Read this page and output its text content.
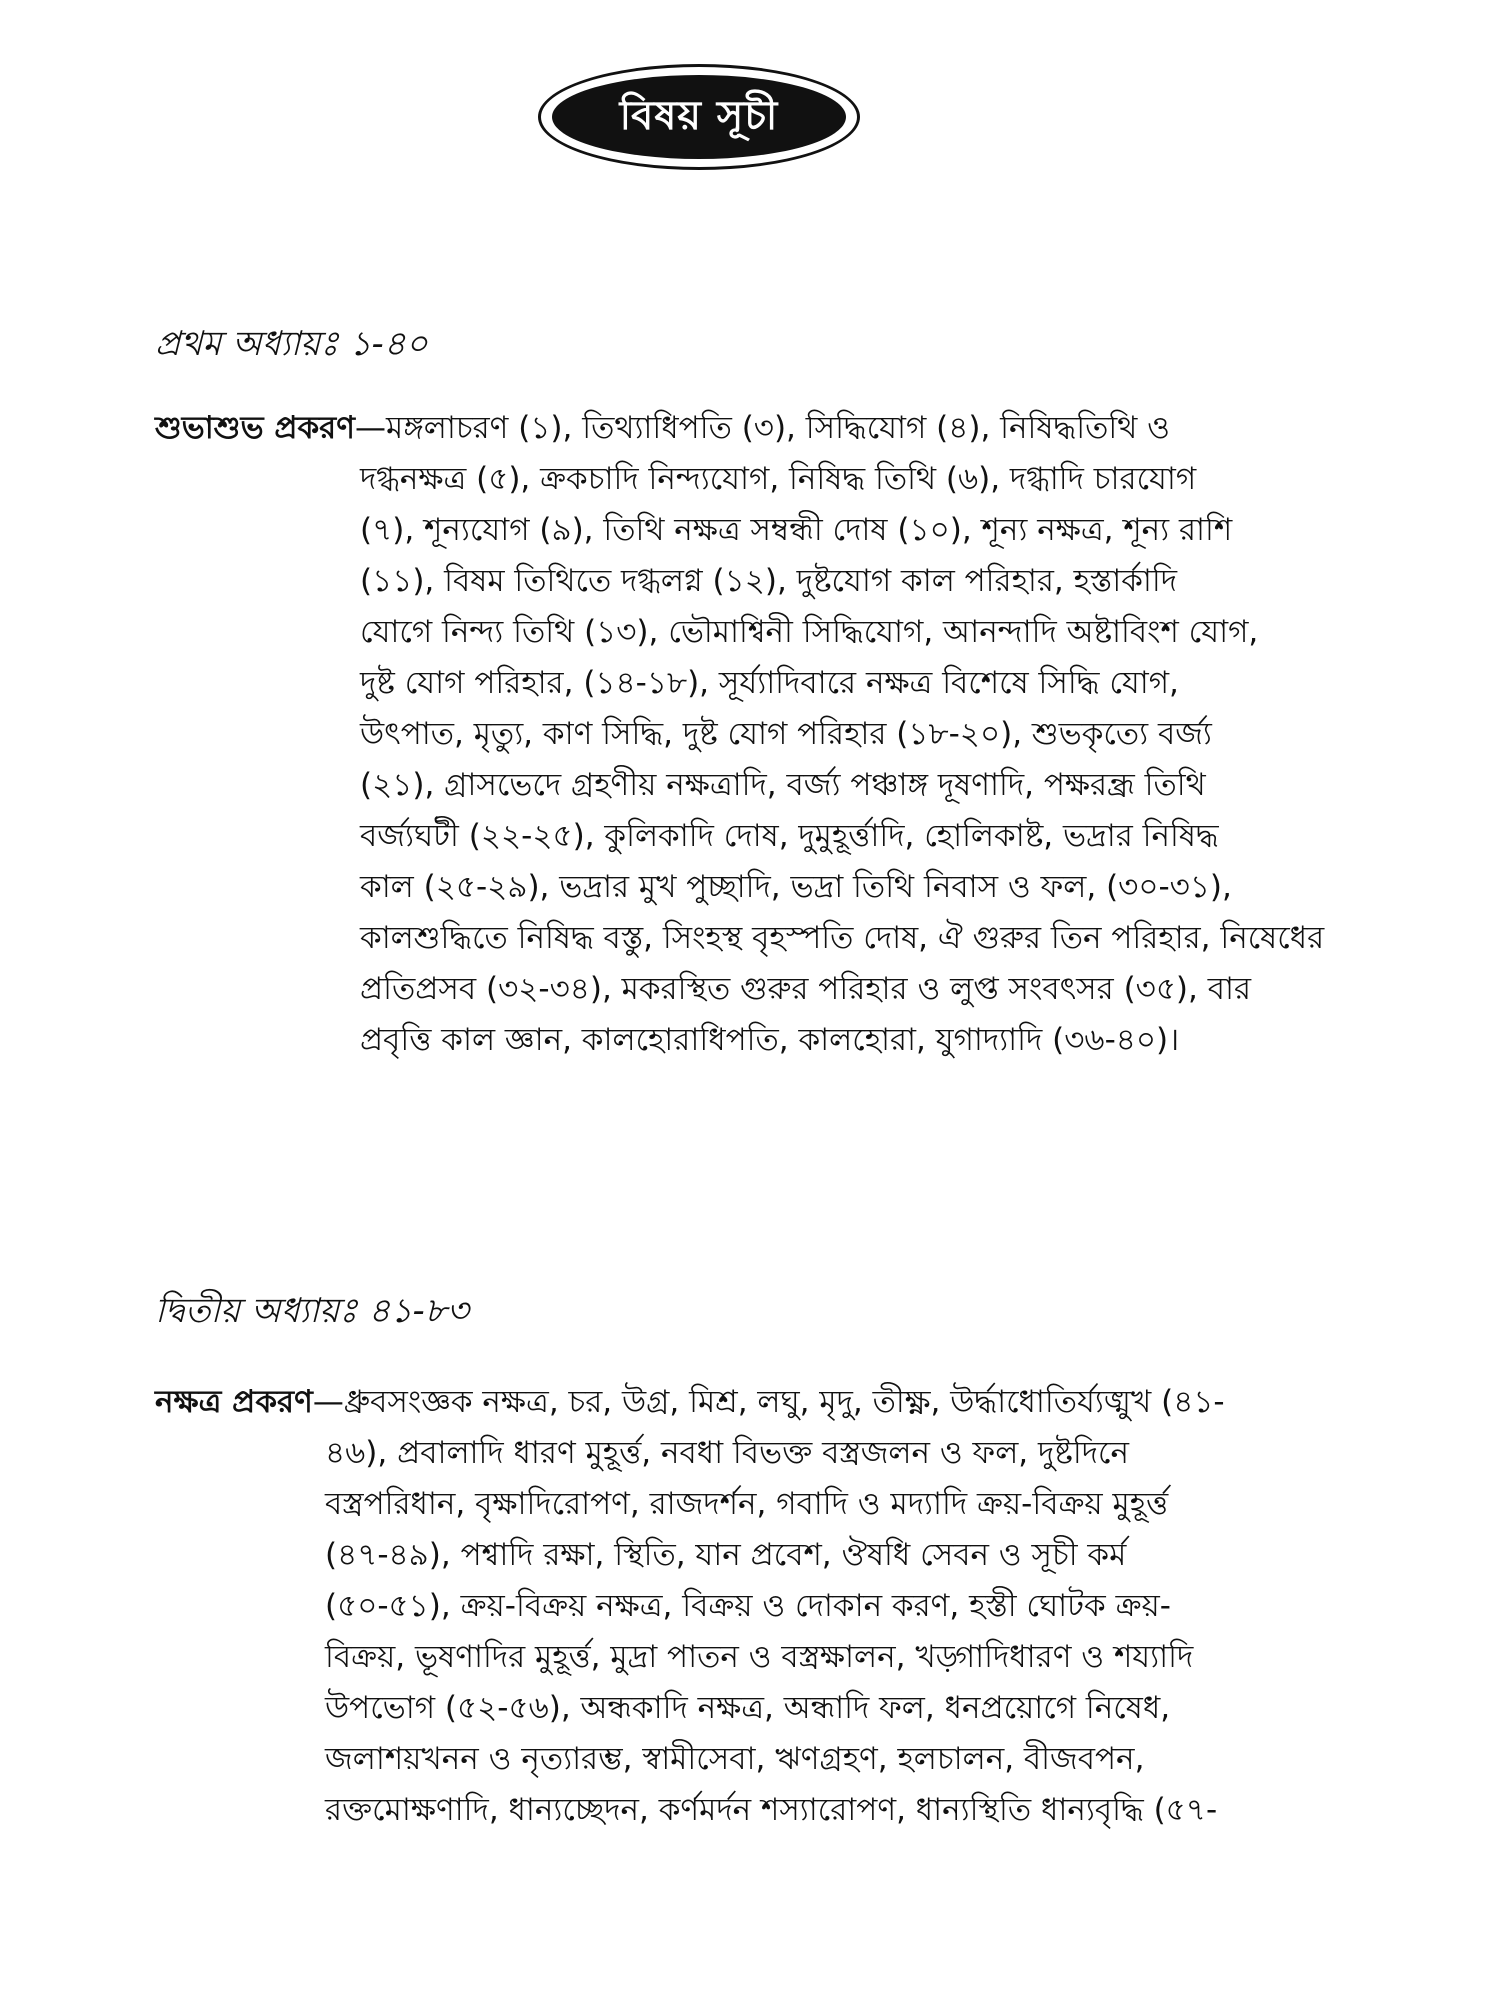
বিষয় সূচী
প্রথম অধ্যায়ঃ ১-৪০
শুভাশুভ প্রকরণ—মঙ্গলাচরণ (১), তিথ্যাধিপতি (৩), সিদ্ধিযোগ (৪), নিষিদ্ধতিথি ও
দগ্ধনক্ষত্র (৫), ক্রকচাদি নিন্দ্যযোগ, নিষিদ্ধ তিথি (৬), দগ্ধাদি চারযোগ
(৭), শূন্যযোগ (৯), তিথি নক্ষত্র সম্বন্ধী দোষ (১০), শূন্য নক্ষত্র, শূন্য রাশি
(১১), বিষম তিথিতে দগ্ধলগ্ন (১২), দুষ্টযোগ কাল পরিহার, হস্তার্কাদি
যোগে নিন্দ্য তিথি (১৩), ভৌমাশ্বিনী সিদ্ধিযোগ, আনন্দাদি অষ্টাবিংশ যোগ,
দুষ্ট যোগ পরিহার, (১৪-১৮), সূর্য্যাদিবারে নক্ষত্র বিশেষে সিদ্ধি যোগ,
উৎপাত, মৃত্যু, কাণ সিদ্ধি, দুষ্ট যোগ পরিহার (১৮-২০), শুভকৃত্যে বর্জ্য
(২১), গ্রাসভেদে গ্রহণীয় নক্ষত্রাদি, বর্জ্য পঞ্চাঙ্গ দূষণাদি, পক্ষরন্ধ্র তিথি
বর্জ্যঘটী (২২-২৫), কুলিকাদি দোষ, দুমুহূর্ত্তাদি, হোলিকাষ্ট, ভদ্রার নিষিদ্ধ
কাল (২৫-২৯), ভদ্রার মুখ পুচ্ছাদি, ভদ্রা তিথি নিবাস ও ফল, (৩০-৩১),
কালশুদ্ধিতে নিষিদ্ধ বস্তু, সিংহস্থ বৃহস্পতি দোষ, ঐ গুরুর তিন পরিহার, নিষেধের
প্রতিপ্রসব (৩২-৩৪), মকরস্থিত গুরুর পরিহার ও লুপ্ত সংবৎসর (৩৫), বার
প্রবৃত্তি কাল জ্ঞান, কালহোরাধিপতি, কালহোরা, যুগাদ্যাদি (৩৬-৪০)।
দ্বিতীয় অধ্যায়ঃ ৪১-৮৩
নক্ষত্র প্রকরণ—ধ্রুবসংজ্ঞক নক্ষত্র, চর, উগ্র, মিশ্র, লঘু, মৃদু, তীক্ষ্ণ, উর্দ্ধাধোতির্য্যঙ্মুখ (৪১-
৪৬), প্রবালাদি ধারণ মুহূর্ত্ত, নবধা বিভক্ত বস্ত্রজলন ও ফল, দুষ্টদিনে
বস্ত্রপরিধান, বৃক্ষাদিরোপণ, রাজদর্শন, গবাদি ও মদ্যাদি ক্রয়-বিক্রয় মুহূর্ত্ত
(৪৭-৪৯), পশ্বাদি রক্ষা, স্থিতি, যান প্রবেশ, ঔষধি সেবন ও সূচী কর্ম
(৫০-৫১), ক্রয়-বিক্রয় নক্ষত্র, বিক্রয় ও দোকান করণ, হস্তী ঘোটক ক্রয়-
বিক্রয়, ভূষণাদির মুহূর্ত্ত, মুদ্রা পাতন ও বস্ত্রক্ষালন, খড়্গাদিধারণ ও শয্যাদি
উপভোগ (৫২-৫৬), অন্ধকাদি নক্ষত্র, অন্ধাদি ফল, ধনপ্রয়োগে নিষেধ,
জলাশয়খনন ও নৃত্যারম্ভ, স্বামীসেবা, ঋণগ্রহণ, হলচালন, বীজবপন,
রক্তমোক্ষণাদি, ধান্যচ্ছেদন, কর্ণমর্দন শস্যারোপণ, ধান্যস্থিতি ধান্যবৃদ্ধি (৫৭-
